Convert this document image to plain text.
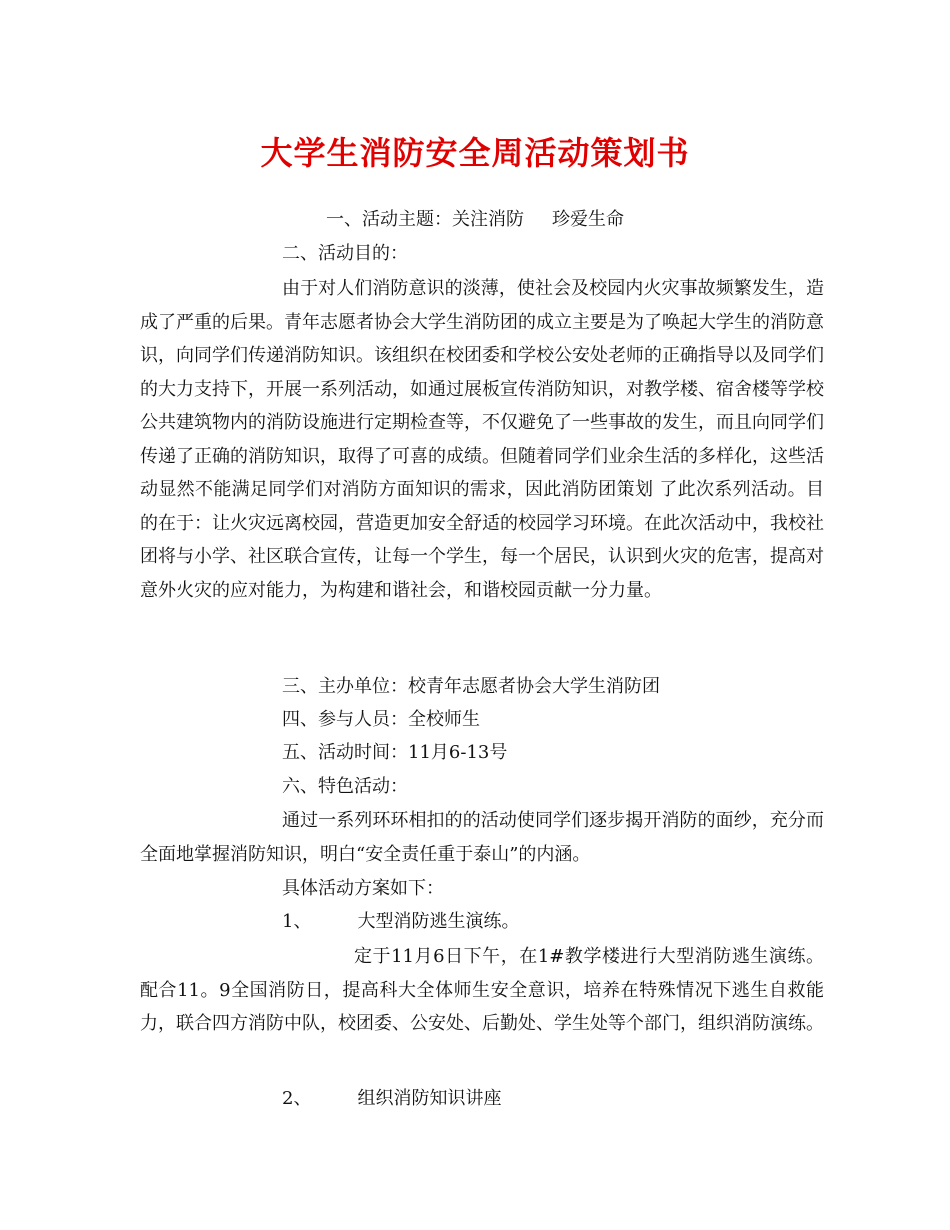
大学生消防安全周活动策划书
一、活动主题：关注消防 珍爱生命
二、活动目的：

由于对人们消防意识的淡薄，使社会及校园内火灾事故频繁发生，造成了严重的后果。青年志愿者协会大学生消防团的成立主要是为了唤起大学生的消防意识，向同学们传递消防知识。该组织在校团委和学校公安处老师的正确指导以及同学们的大力支持下，开展一系列活动，如通过展板宣传消防知识，对教学楼、宿舍楼等学校公共建筑物内的消防设施进行定期检查等，不仅避免了一些事故的发生，而且向同学们传递了正确的消防知识，取得了可喜的成绩。但随着同学们业余生活的多样化，这些活动显然不能满足同学们对消防方面知识的需求，因此消防团策划 了此次系列活动。目的在于：让火灾远离校园，营造更加安全舒适的校园学习环境。在此次活动中，我校社团将与小学、社区联合宣传，让每一个学生，每一个居民，认识到火灾的危害，提高对意外火灾的应对能力，为构建和谐社会，和谐校园贡献一分力量。

三、主办单位：校青年志愿者协会大学生消防团
四、参与人员：全校师生
五、活动时间：11月6-13号
六、特色活动：

通过一系列环环相扣的的活动使同学们逐步揭开消防的面纱，充分而全面地掌握消防知识，明白“安全责任重于泰山”的内涵。

具体活动方案如下：
1、	大型消防逃生演练。

定于11月6日下午，在1#教学楼进行大型消防逃生演练。配合11。9全国消防日，提高科大全体师生安全意识，培养在特殊情况下逃生自救能力，联合四方消防中队，校团委、公安处、后勤处、学生处等个部门，组织消防演练。

2、	组织消防知识讲座
